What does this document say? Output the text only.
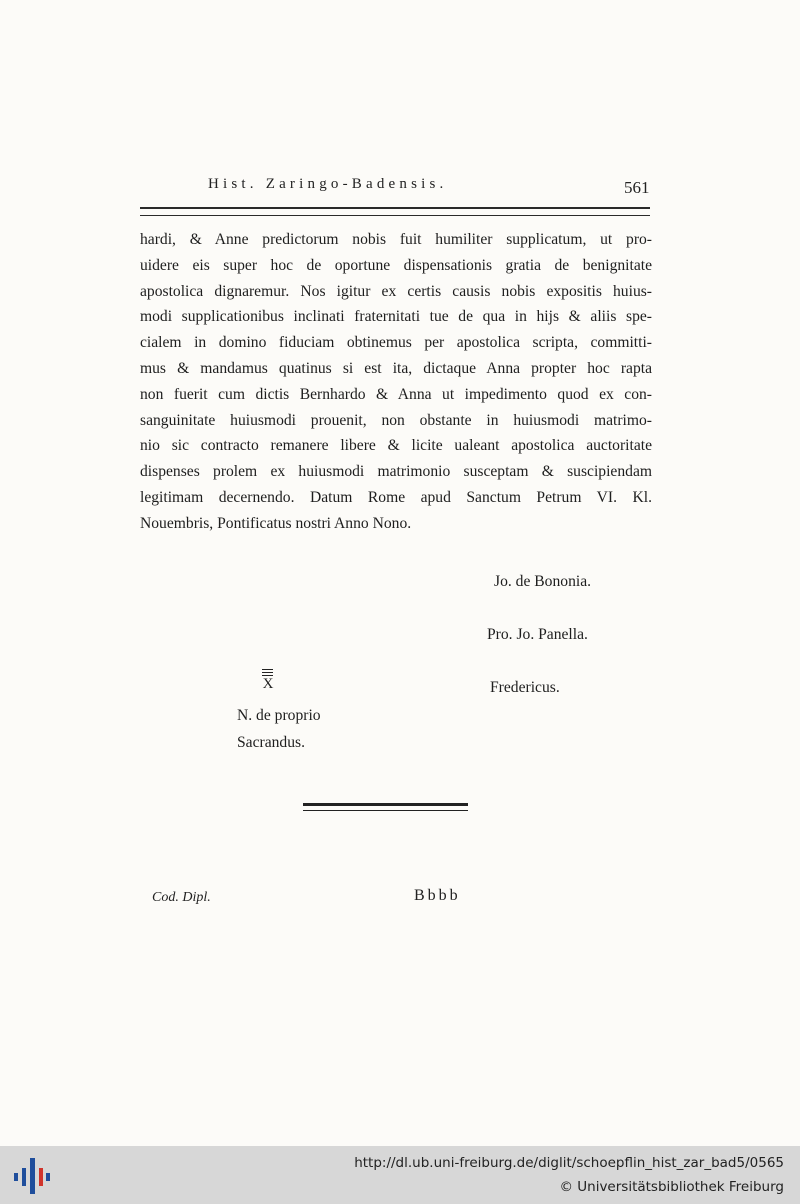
Hist. Zaringo-Badensis.	561
hardi, & Anne predictorum nobis fuit humiliter supplicatum, ut pro-
uidere eis super hoc de oportune dispensationis gratia de benignitate
apostolica dignaremur. Nos igitur ex certis causis nobis expositis huius-
modi supplicationibus inclinati fraternitati tue de qua in hijs & aliis spe-
cialem in domino fiduciam obtinemus per apostolica scripta, committi-
mus & mandamus quatinus si est ita, dictaque Anna propter hoc rapta
non fuerit cum dictis Bernhardo & Anna ut impedimento quod ex con-
sanguinitate huiusmodi prouenit, non obstante in huiusmodi matrimo-
nio sic contracto remanere libere & licite ualeant apostolica auctoritate
dispenses prolem ex huiusmodi matrimonio susceptam & suscipiendam
legitimam decernendo. Datum Rome apud Sanctum Petrum VI. Kl.
Nouembris, Pontificatus nostri Anno Nono.
Jo. de Bononia.
Pro. Jo. Panella.
Fredericus.
X
N. de proprio
Sacrandus.
Cod. Dipl.	Bbbb
http://dl.ub.uni-freiburg.de/diglit/schoepflin_hist_zar_bad5/0565
© Universitätsbibliothek Freiburg
